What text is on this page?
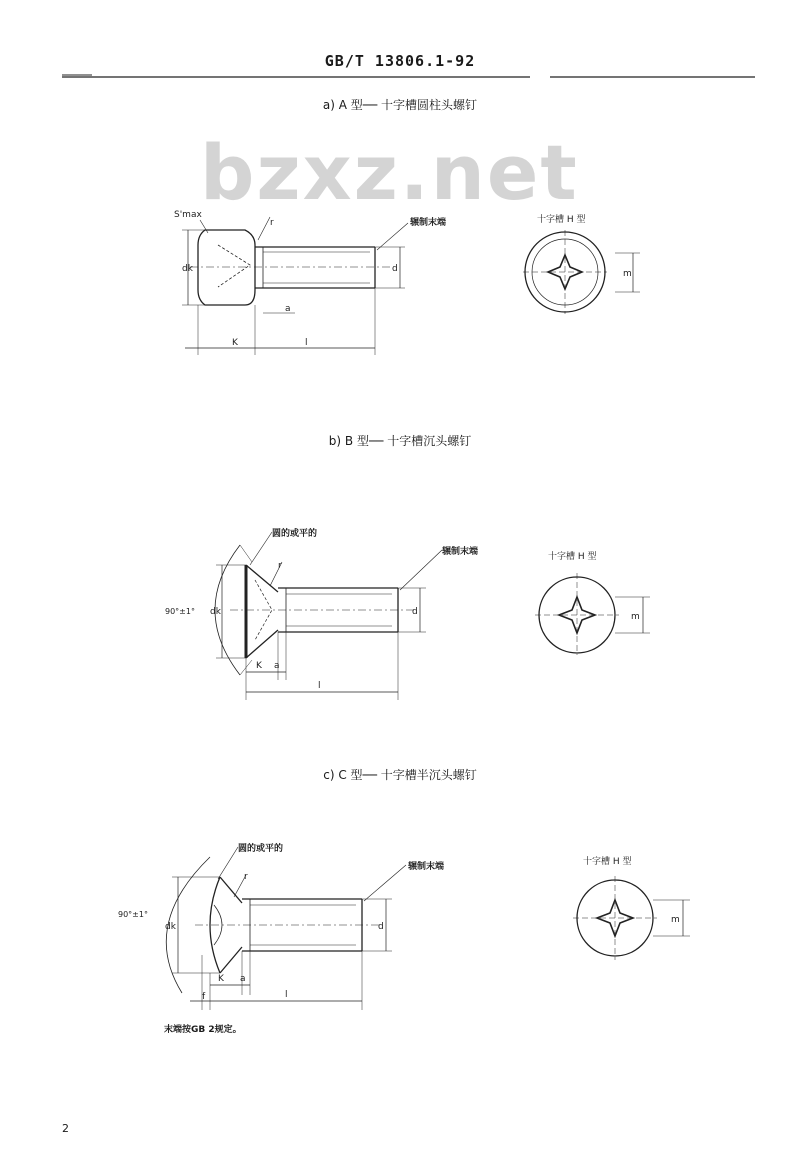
GB/T 13806.1-92
a) A 型── 十字槽圆柱头螺钉
bzxz.net
S'max
r
dk	d
a
K	l
辗制末端
m
十字槽 H 型
b) B 型── 十字槽沉头螺钉
圆的或平的
r
90°±1° dk	d
K a
l
辗制末端
m
十字槽 H 型
c) C 型── 十字槽半沉头螺钉
圆的或平的
r
90°±1°
dk	d
f
K a
l
辗制末端
m
十字槽 H 型
末端按GB 2规定。
2
